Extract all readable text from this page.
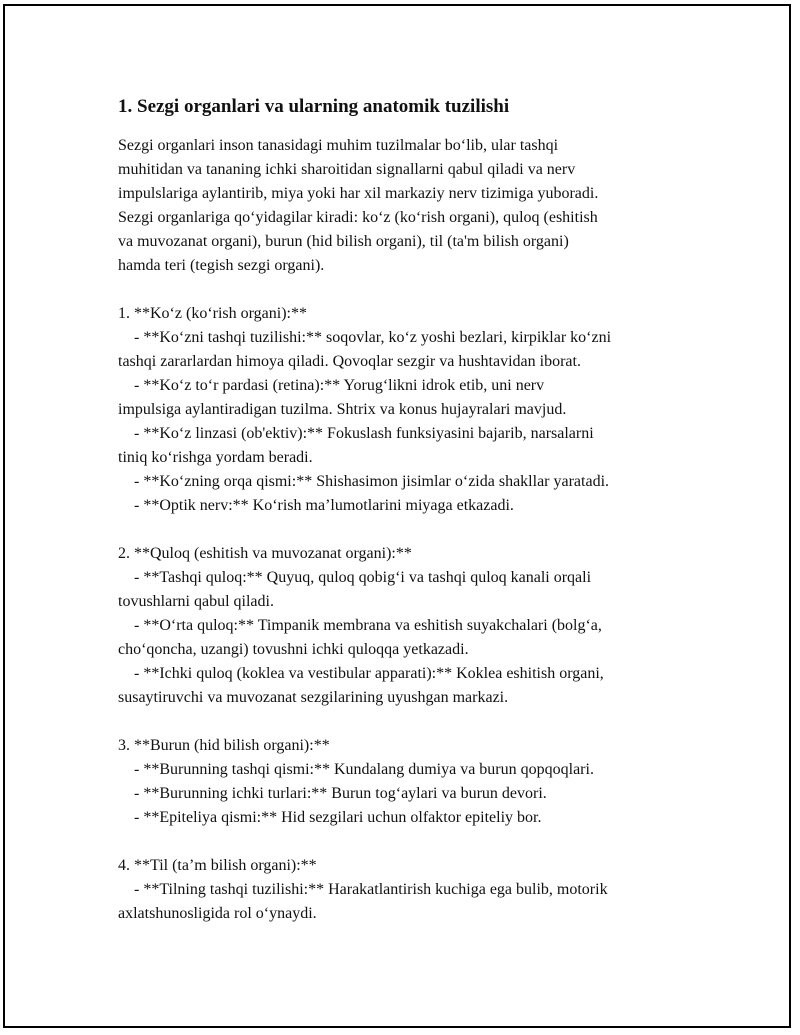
1. Sezgi organlari va ularning anatomik tuzilishi

Sezgi organlari inson tanasidagi muhim tuzilmalar bo‘lib, ular tashqi

muhitidan va tananing ichki sharoitidan signallarni qabul qiladi va nerv

impulslariga aylantirib, miya yoki har xil markaziy nerv tizimiga yuboradi.

Sezgi organlariga qo‘yidagilar kiradi: ko‘z (ko‘rish organi), quloq (eshitish

va muvozanat organi), burun (hid bilish organi), til (ta'm bilish organi)

hamda teri (tegish sezgi organi).

1. **Ko‘z (ko‘rish organi):**

- **Ko‘zni tashqi tuzilishi:** soqovlar, ko‘z yoshi bezlari, kirpiklar ko‘zni

tashqi zararlardan himoya qiladi. Qovoqlar sezgir va hushtavidan iborat.

- **Ko‘z to‘r pardasi (retina):** Yorug‘likni idrok etib, uni nerv

impulsiga aylantiradigan tuzilma. Shtrix va konus hujayralari mavjud.

- **Ko‘z linzasi (ob'ektiv):** Fokuslash funksiyasini bajarib, narsalarni

tiniq ko‘rishga yordam beradi.

- **Ko‘zning orqa qismi:** Shishasimon jisimlar o‘zida shakllar yaratadi.

- **Optik nerv:** Ko‘rish ma’lumotlarini miyaga etkazadi.

2. **Quloq (eshitish va muvozanat organi):**

- **Tashqi quloq:** Quyuq, quloq qobig‘i va tashqi quloq kanali orqali

tovushlarni qabul qiladi.

- **O‘rta quloq:** Timpanik membrana va eshitish suyakchalari (bolg‘a,

cho‘qoncha, uzangi) tovushni ichki quloqqa yetkazadi.

- **Ichki quloq (koklea va vestibular apparati):** Koklea eshitish organi,

susaytiruvchi va muvozanat sezgilarining uyushgan markazi.

3. **Burun (hid bilish organi):**

- **Burunning tashqi qismi:** Kundalang dumiya va burun qopqoqlari.

- **Burunning ichki turlari:** Burun tog‘aylari va burun devori.

- **Epiteliya qismi:** Hid sezgilari uchun olfaktor epiteliy bor.

4. **Til (ta’m bilish organi):**

- **Tilning tashqi tuzilishi:** Harakatlantirish kuchiga ega bulib, motorik

axlatshunosligida rol o‘ynaydi.
